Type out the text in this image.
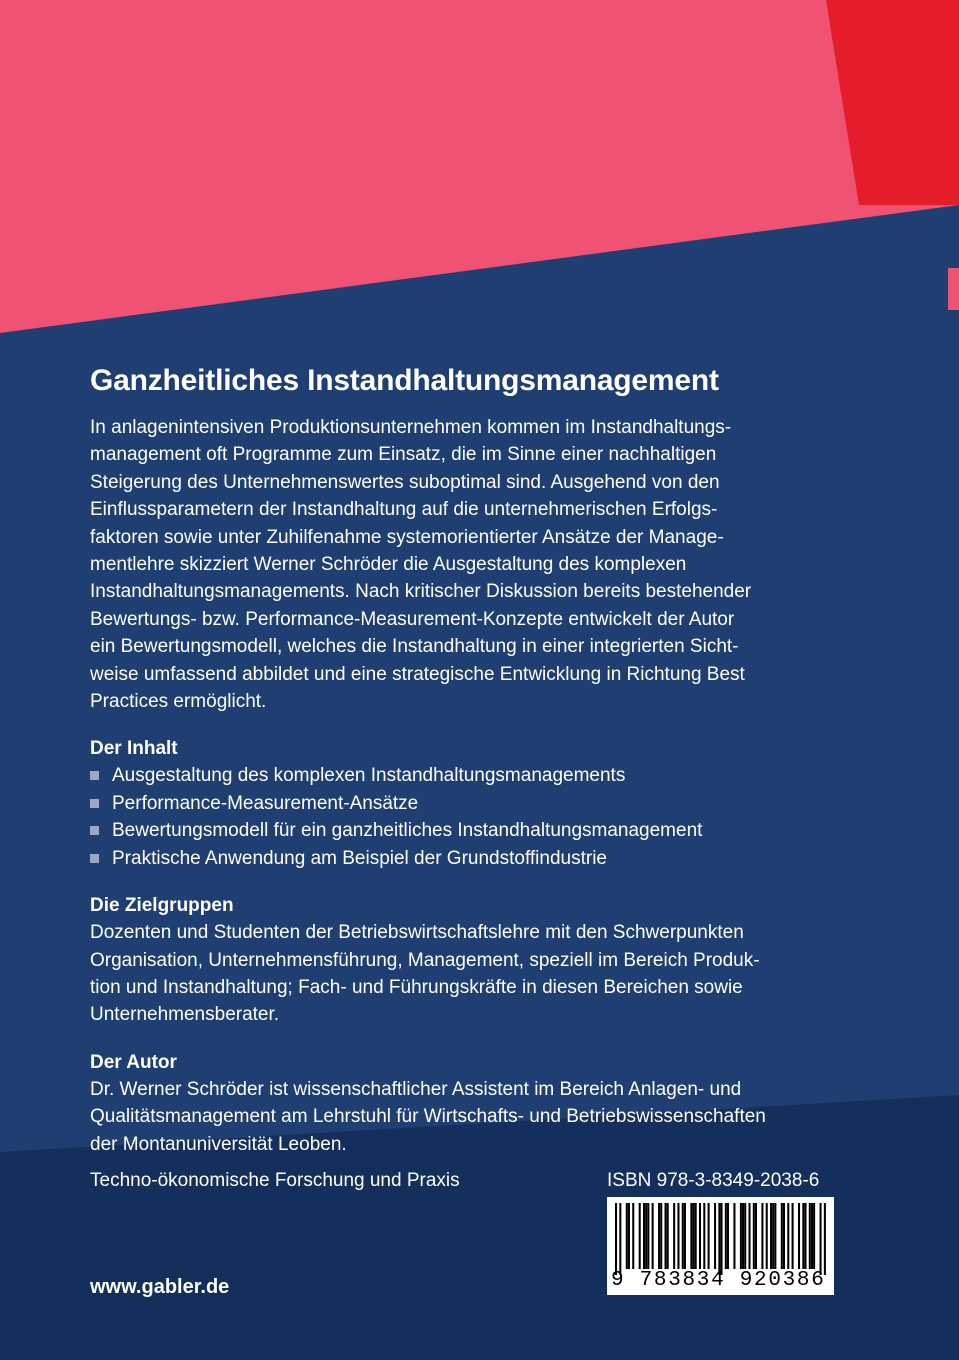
Ganzheitliches Instandhaltungsmanagement

In anlagenintensiven Produktionsunternehmen kommen im Instandhaltungs-
management oft Programme zum Einsatz, die im Sinne einer nachhaltigen
Steigerung des Unternehmenswertes suboptimal sind. Ausgehend von den
Einflussparametern der Instandhaltung auf die unternehmerischen Erfolgs-
faktoren sowie unter Zuhilfenahme systemorientierter Ansätze der Manage-
mentlehre skizziert Werner Schröder die Ausgestaltung des komplexen
Instandhaltungsmanagements. Nach kritischer Diskussion bereits bestehender
Bewertungs- bzw. Performance-Measurement-Konzepte entwickelt der Autor
ein Bewertungsmodell, welches die Instandhaltung in einer integrierten Sicht-
weise umfassend abbildet und eine strategische Entwicklung in Richtung Best
Practices ermöglicht.

Der Inhalt
Ausgestaltung des komplexen Instandhaltungsmanagements
Performance-Measurement-Ansätze
Bewertungsmodell für ein ganzheitliches Instandhaltungsmanagement
Praktische Anwendung am Beispiel der Grundstoffindustrie
Die Zielgruppen

Dozenten und Studenten der Betriebswirtschaftslehre mit den Schwerpunkten
Organisation, Unternehmensführung, Management, speziell im Bereich Produk-
tion und Instandhaltung; Fach- und Führungskräfte in diesen Bereichen sowie
Unternehmensberater.

Der Autor

Dr. Werner Schröder ist wissenschaftlicher Assistent im Bereich Anlagen- und
Qualitätsmanagement am Lehrstuhl für Wirtschafts- und Betriebswissenschaften
der Montanuniversität Leoben.

Techno-ökonomische Forschung und Praxis	ISBN 978-3-8349-2038-6
9 783834 920386
www.gabler.de
